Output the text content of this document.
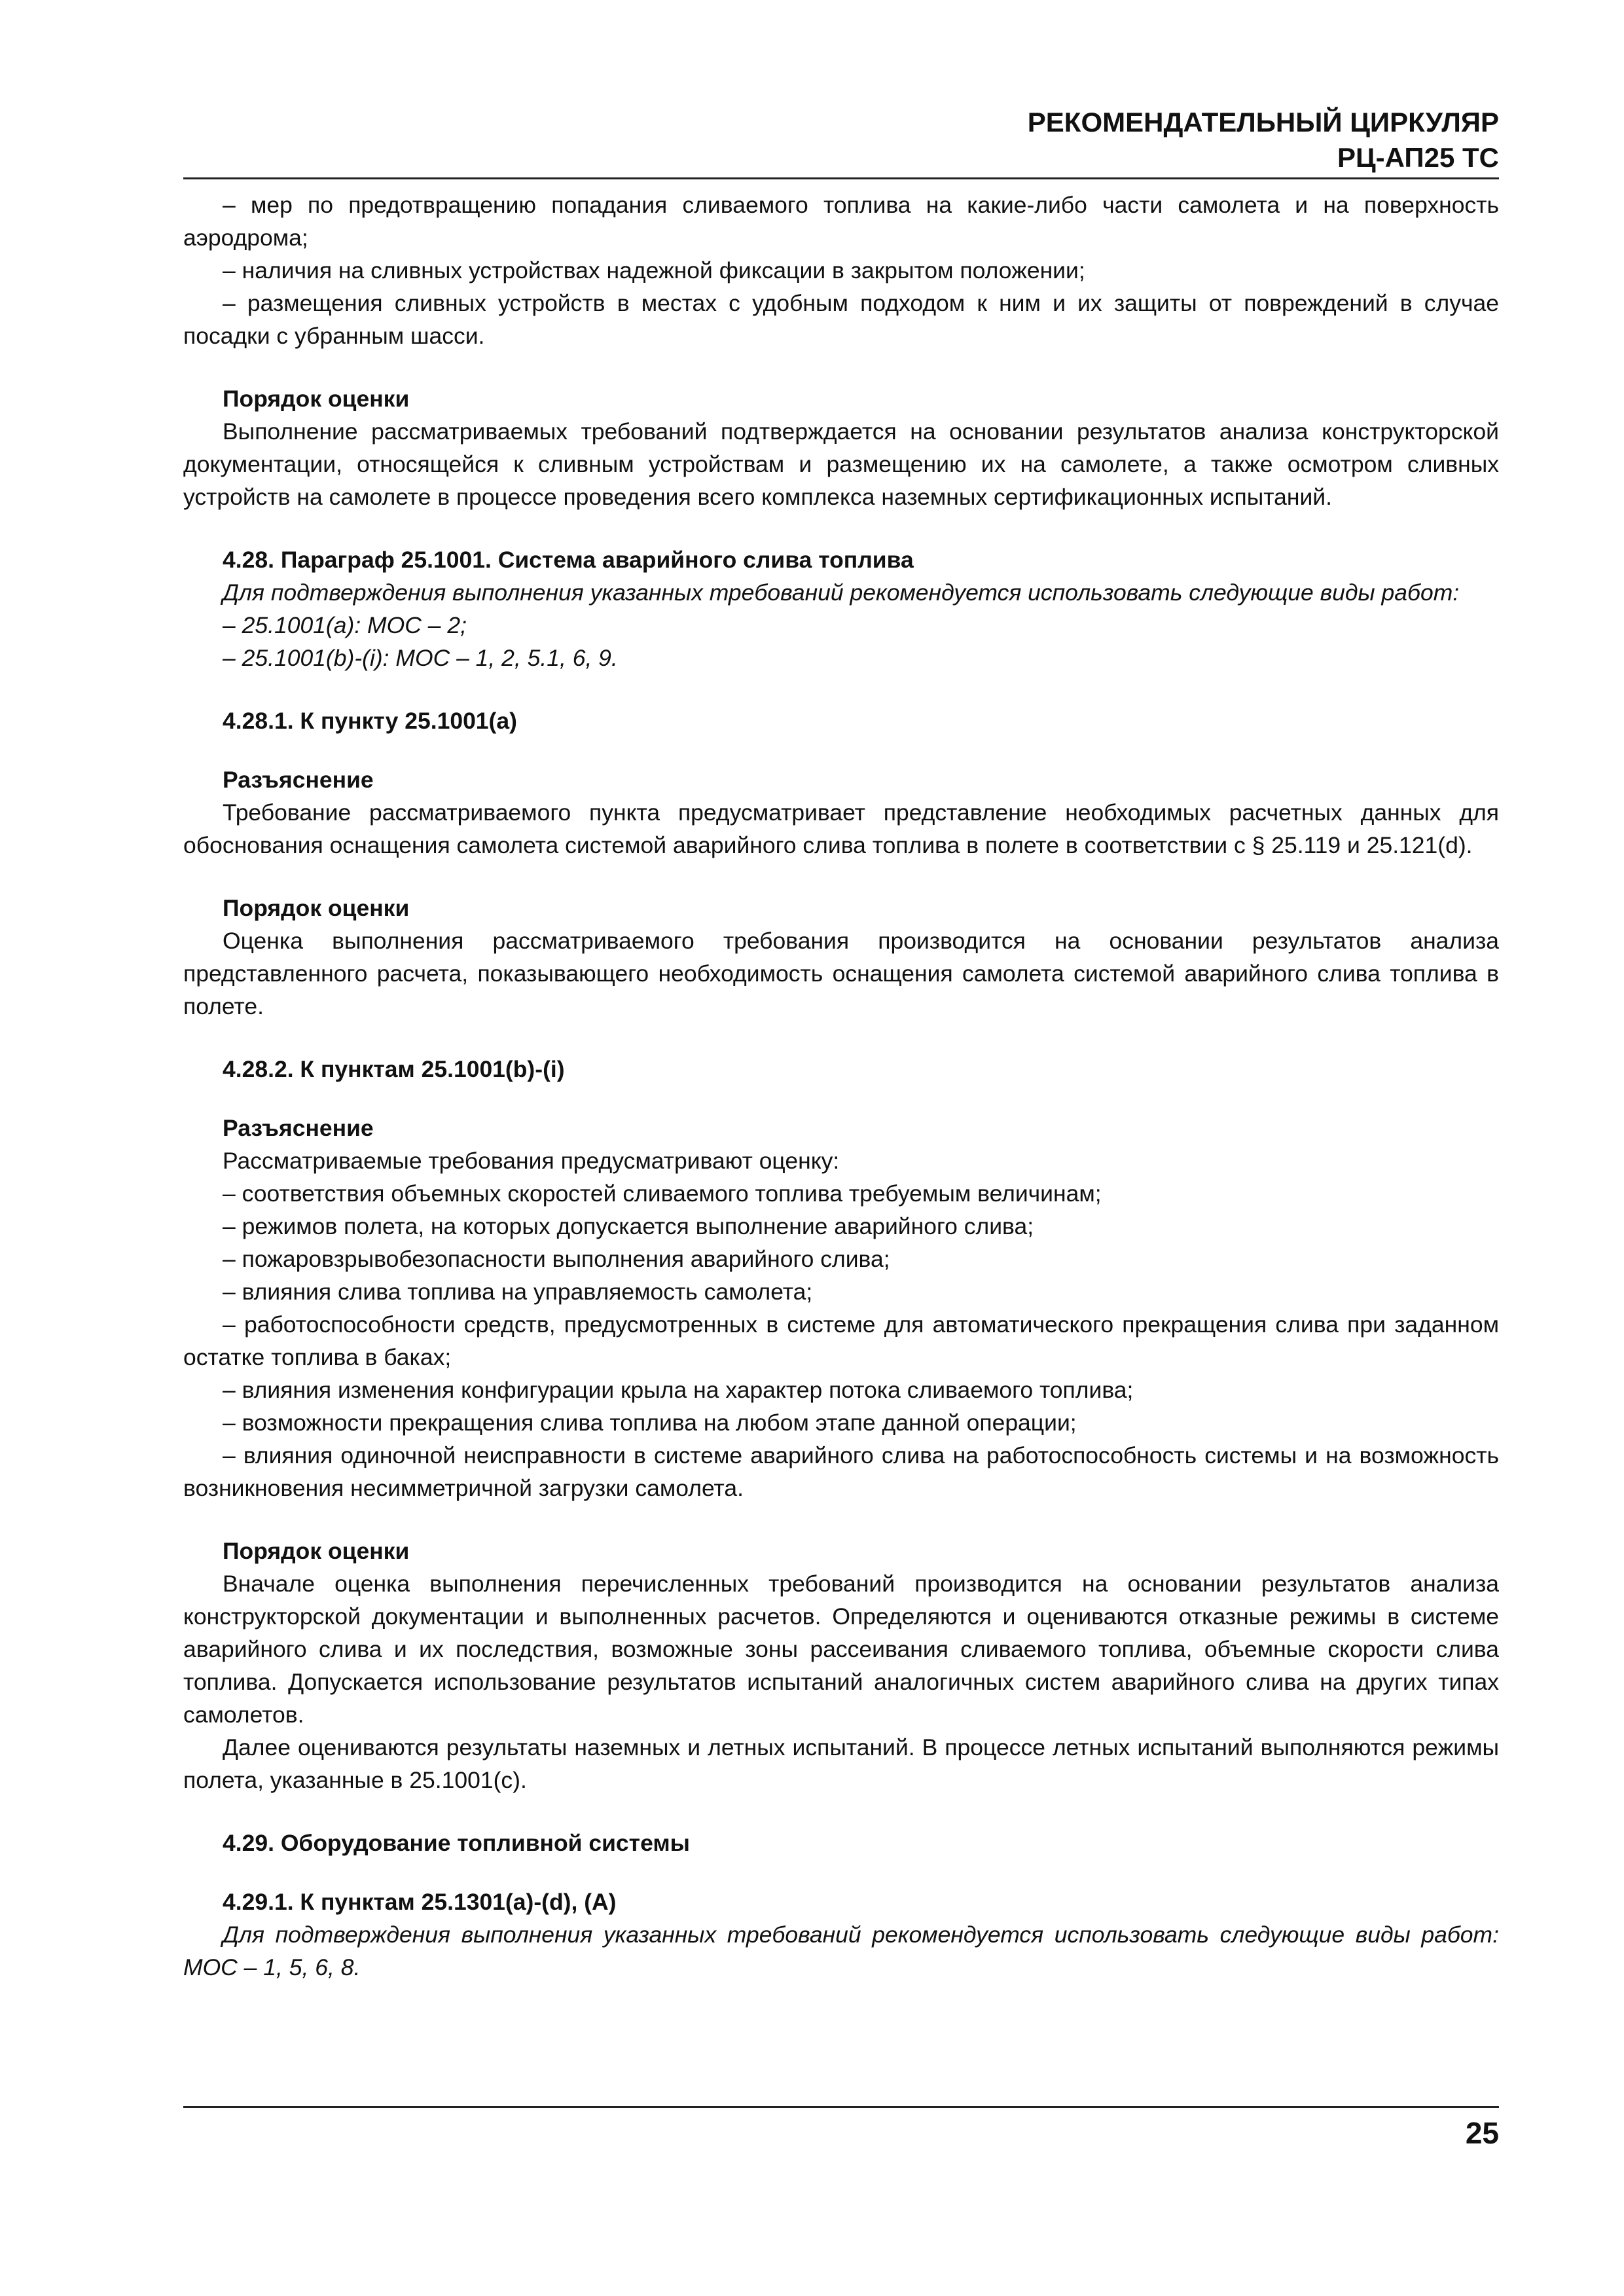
РЕКОМЕНДАТЕЛЬНЫЙ ЦИРКУЛЯР
РЦ-АП25 ТС

– мер по предотвращению попадания сливаемого топлива на какие-либо части самолета и на поверхность аэродрома;

– наличия на сливных устройствах надежной фиксации в закрытом положении;

– размещения сливных устройств в местах с удобным подходом к ним и их защиты от повреждений в случае посадки с убранным шасси.

Порядок оценки

Выполнение рассматриваемых требований подтверждается на основании результатов анализа конструкторской документации, относящейся к сливным устройствам и размещению их на самолете, а также осмотром сливных устройств на самолете в процессе проведения всего комплекса наземных сертификационных испытаний.

4.28. Параграф 25.1001. Система аварийного слива топлива

Для подтверждения выполнения указанных требований рекомендуется использовать следующие виды работ:

– 25.1001(a): MOC – 2;

– 25.1001(b)-(i): MOC – 1, 2, 5.1, 6, 9.

4.28.1. К пункту 25.1001(a)

Разъяснение

Требование рассматриваемого пункта предусматривает представление необходимых расчетных данных для обоснования оснащения самолета системой аварийного слива топлива в полете в соответствии с § 25.119 и 25.121(d).

Порядок оценки

Оценка выполнения рассматриваемого требования производится на основании результатов анализа представленного расчета, показывающего необходимость оснащения самолета системой аварийного слива топлива в полете.

4.28.2. К пунктам 25.1001(b)-(i)

Разъяснение

Рассматриваемые требования предусматривают оценку:

– соответствия объемных скоростей сливаемого топлива требуемым величинам;

– режимов полета, на которых допускается выполнение аварийного слива;

– пожаровзрывобезопасности выполнения аварийного слива;

– влияния слива топлива на управляемость самолета;

– работоспособности средств, предусмотренных в системе для автоматического прекращения слива при заданном остатке топлива в баках;

– влияния изменения конфигурации крыла на характер потока сливаемого топлива;

– возможности прекращения слива топлива на любом этапе данной операции;

– влияния одиночной неисправности в системе аварийного слива на работоспособность системы и на возможность возникновения несимметричной загрузки самолета.

Порядок оценки

Вначале оценка выполнения перечисленных требований производится на основании результатов анализа конструкторской документации и выполненных расчетов. Определяются и оцениваются отказные режимы в системе аварийного слива и их последствия, возможные зоны рассеивания сливаемого топлива, объемные скорости слива топлива. Допускается использование результатов испытаний аналогичных систем аварийного слива на других типах самолетов.

Далее оцениваются результаты наземных и летных испытаний. В процессе летных испытаний выполняются режимы полета, указанные в 25.1001(c).

4.29. Оборудование топливной системы

4.29.1. К пунктам 25.1301(a)-(d), (A)

Для подтверждения выполнения указанных требований рекомендуется использовать следующие виды работ: MOC – 1, 5, 6, 8.

25
